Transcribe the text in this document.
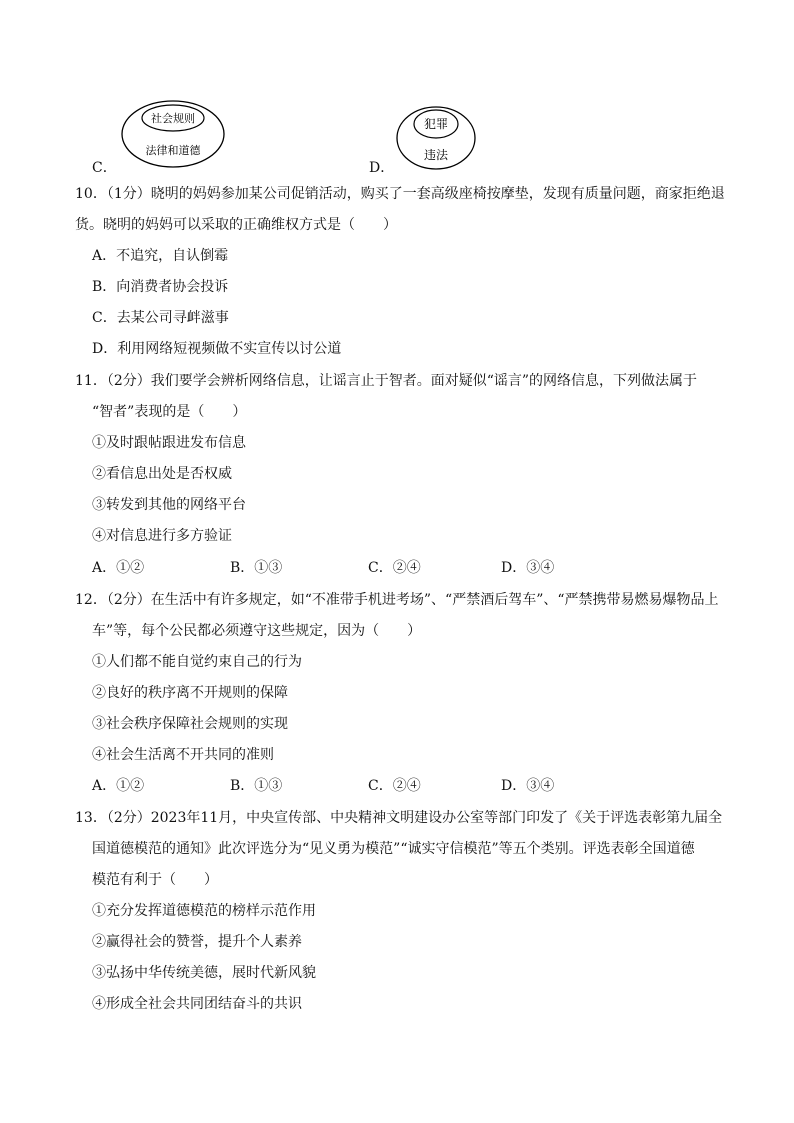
社会规则
法律和道德
C．
犯罪
违法
D．
10．（1分）晓明的妈妈参加某公司促销活动，购买了一套高级座椅按摩垫，发现有质量问题，商家拒绝退
货。晓明的妈妈可以采取的正确维权方式是（　　）
A．不追究，自认倒霉
B．向消费者协会投诉
C．去某公司寻衅滋事
D．利用网络短视频做不实宣传以讨公道
11．（2分）我们要学会辨析网络信息，让谣言止于智者。面对疑似“谣言”的网络信息，下列做法属于
“智者”表现的是（　　）
①及时跟帖跟进发布信息
②看信息出处是否权威
③转发到其他的网络平台
④对信息进行多方验证
A．①②	B．①③	C．②④	D．③④
12．（2分）在生活中有许多规定，如“不准带手机进考场”、“严禁酒后驾车”、“严禁携带易燃易爆物品上
车”等，每个公民都必须遵守这些规定，因为（　　）
①人们都不能自觉约束自己的行为
②良好的秩序离不开规则的保障
③社会秩序保障社会规则的实现
④社会生活离不开共同的准则
A．①②	B．①③	C．②④	D．③④
13．（2分）2023年11月，中央宣传部、中央精神文明建设办公室等部门印发了《关于评选表彰第九届全
国道德模范的通知》此次评选分为“见义勇为模范”“诚实守信模范”等五个类别。评选表彰全国道德
模范有利于（　　）
①充分发挥道德模范的榜样示范作用
②赢得社会的赞誉，提升个人素养
③弘扬中华传统美德，展时代新风貌
④形成全社会共同团结奋斗的共识
